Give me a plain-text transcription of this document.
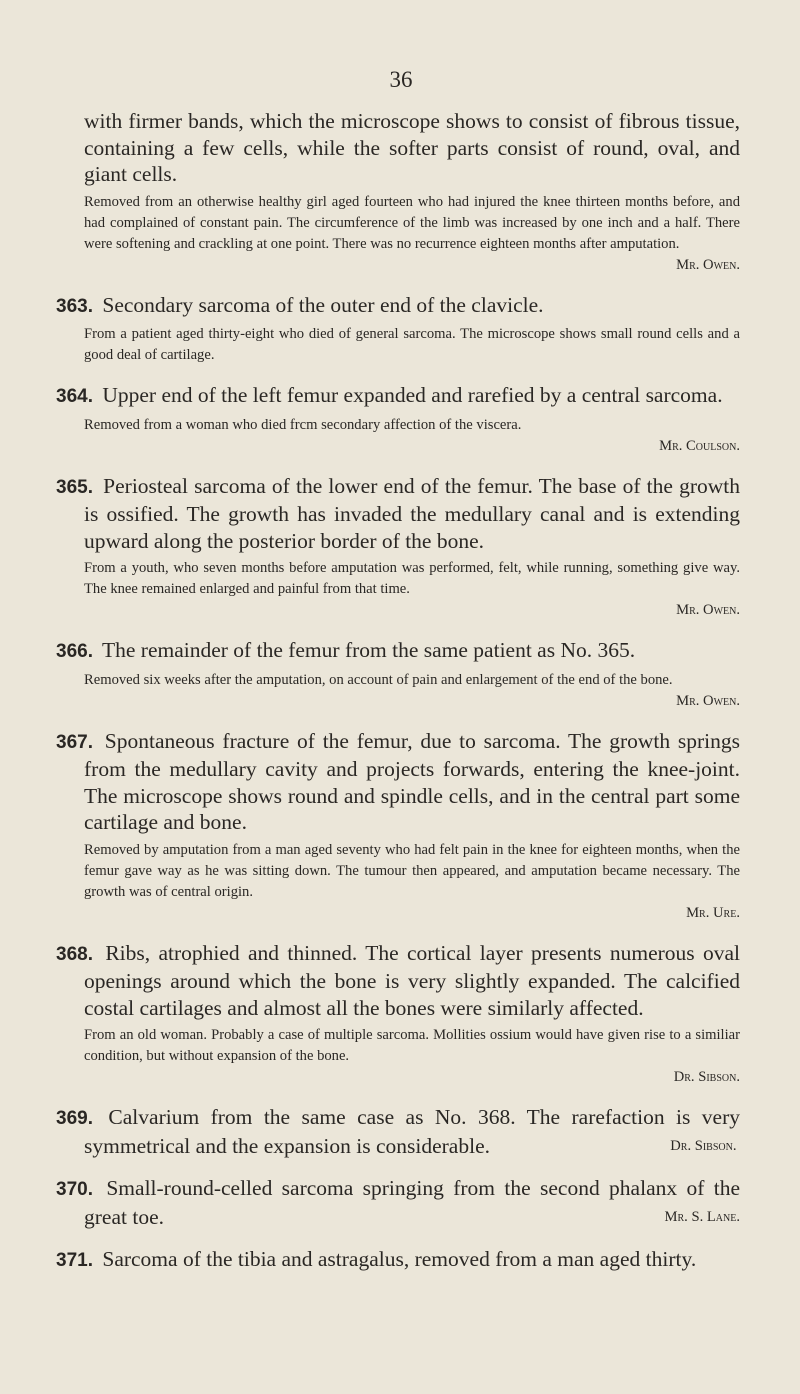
36

with firmer bands, which the microscope shows to consist of fibrous tissue, containing a few cells, while the softer parts consist of round, oval, and giant cells.

Removed from an otherwise healthy girl aged fourteen who had injured the knee thirteen months before, and had complained of constant pain. The circumference of the limb was increased by one inch and a half. There were softening and crackling at one point. There was no recurrence eighteen months after amputation.

Mr. Owen.

363. Secondary sarcoma of the outer end of the clavicle.

From a patient aged thirty-eight who died of general sarcoma. The microscope shows small round cells and a good deal of cartilage.

364. Upper end of the left femur expanded and rarefied by a central sarcoma.

Removed from a woman who died frcm secondary affection of the viscera.

Mr. Coulson.

365. Periosteal sarcoma of the lower end of the femur. The base of the growth is ossified. The growth has invaded the medullary canal and is extending upward along the posterior border of the bone.

From a youth, who seven months before amputation was performed, felt, while running, something give way. The knee remained enlarged and painful from that time.

Mr. Owen.

366. The remainder of the femur from the same patient as No. 365.

Removed six weeks after the amputation, on account of pain and enlargement of the end of the bone.

Mr. Owen.

367. Spontaneous fracture of the femur, due to sarcoma. The growth springs from the medullary cavity and projects forwards, entering the knee-joint. The microscope shows round and spindle cells, and in the central part some cartilage and bone.

Removed by amputation from a man aged seventy who had felt pain in the knee for eighteen months, when the femur gave way as he was sitting down. The tumour then appeared, and amputation became necessary. The growth was of central origin.

Mr. Ure.

368. Ribs, atrophied and thinned. The cortical layer presents numerous oval openings around which the bone is very slightly expanded. The calcified costal cartilages and almost all the bones were similarly affected.

From an old woman. Probably a case of multiple sarcoma. Mollities ossium would have given rise to a similiar condition, but without expansion of the bone.

Dr. Sibson.

369. Calvarium from the same case as No. 368. The rarefaction is very symmetrical and the expansion is considerable.	Dr. Sibson.

370. Small-round-celled sarcoma springing from the second phalanx of the great toe.	Mr. S. Lane.

371. Sarcoma of the tibia and astragalus, removed from a man aged thirty.
